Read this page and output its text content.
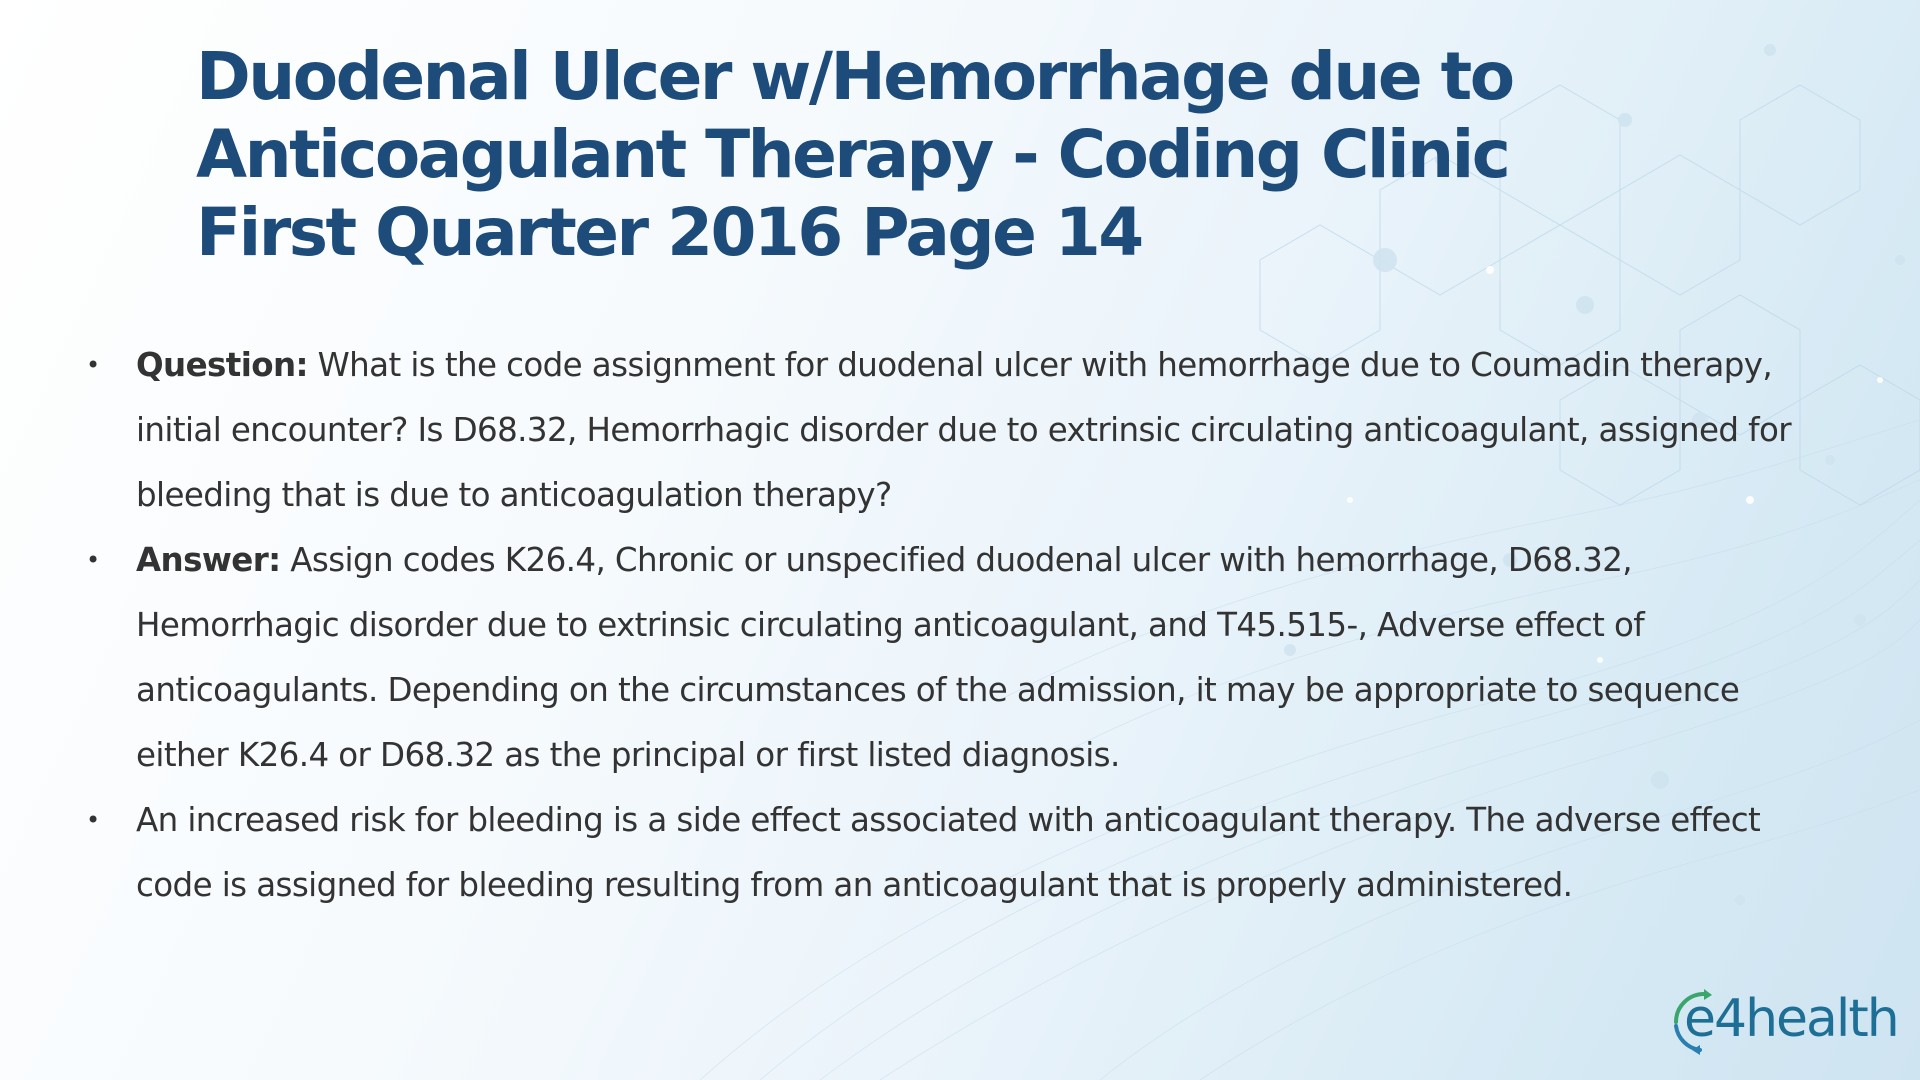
Duodenal Ulcer w/Hemorrhage due to Anticoagulant Therapy - Coding Clinic First Quarter 2016 Page 14
• Question: What is the code assignment for duodenal ulcer with hemorrhage due to Coumadin therapy, initial encounter? Is D68.32, Hemorrhagic disorder due to extrinsic circulating anticoagulant, assigned for bleeding that is due to anticoagulation therapy?
• Answer: Assign codes K26.4, Chronic or unspecified duodenal ulcer with hemorrhage, D68.32, Hemorrhagic disorder due to extrinsic circulating anticoagulant, and T45.515-, Adverse effect of anticoagulants. Depending on the circumstances of the admission, it may be appropriate to sequence either K26.4 or D68.32 as the principal or first listed diagnosis.
• An increased risk for bleeding is a side effect associated with anticoagulant therapy. The adverse effect code is assigned for bleeding resulting from an anticoagulant that is properly administered.
e4health
